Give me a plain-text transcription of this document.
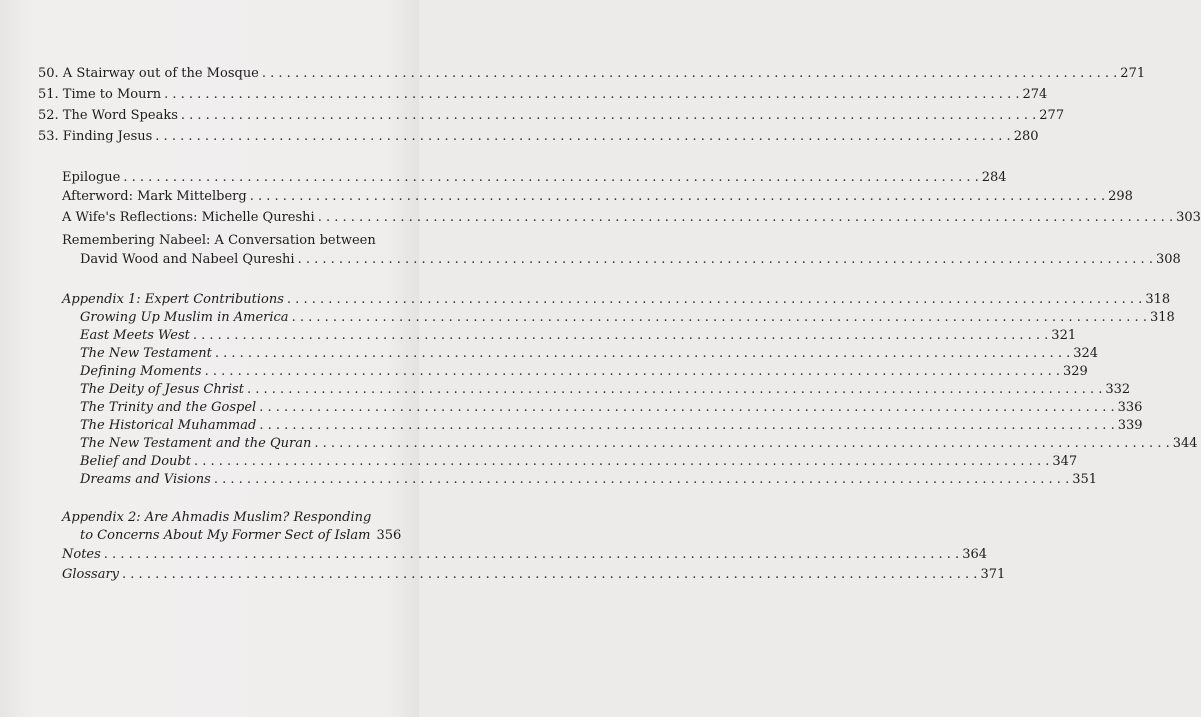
50. A Stairway out of the Mosque . . .	271
51. Time to Mourn . . .	274
52. The Word Speaks . . .	277
53. Finding Jesus . . .	280
Epilogue . . .	284
Afterword: Mark Mittelberg . . .	298
A Wife's Reflections: Michelle Qureshi . . .	303
Remembering Nabeel: A Conversation between
David Wood and Nabeel Qureshi . . .	308
Appendix 1: Expert Contributions . . .	318
Growing Up Muslim in America . . .	318
East Meets West . . .	321
The New Testament . . .	324
Defining Moments . . .	329
The Deity of Jesus Christ . . .	332
The Trinity and the Gospel . . .	336
The Historical Muhammad . . .	339
The New Testament and the Quran . . .	344
Belief and Doubt . . .	347
Dreams and Visions . . .	351
Appendix 2: Are Ahmadis Muslim? Responding
to Concerns About My Former Sect of Islam 356
Notes . . .	364
Glossary . . .	371
